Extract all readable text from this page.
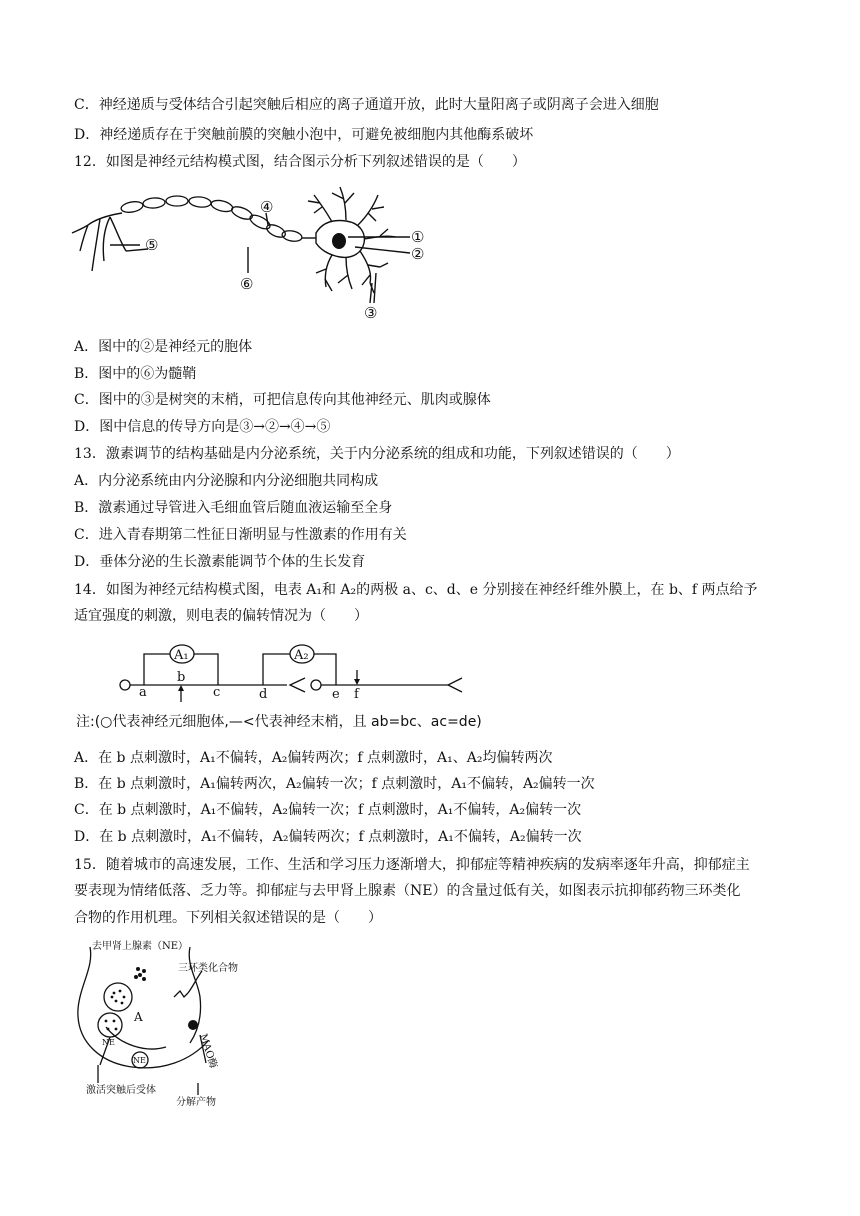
C．神经递质与受体结合引起突触后相应的离子通道开放，此时大量阳离子或阴离子会进入细胞
D．神经递质存在于突触前膜的突触小泡中，可避免被细胞内其他酶系破坏
12．如图是神经元结构模式图，结合图示分析下列叙述错误的是（　　）
④
①
②
⑤
⑥
③
A．图中的②是神经元的胞体
B．图中的⑥为髓鞘
C．图中的③是树突的末梢，可把信息传向其他神经元、肌肉或腺体
D．图中信息的传导方向是③→②→④→⑤
13．激素调节的结构基础是内分泌系统，关于内分泌系统的组成和功能，下列叙述错误的（　　）
A．内分泌系统由内分泌腺和内分泌细胞共同构成
B．激素通过导管进入毛细血管后随血液运输至全身
C．进入青春期第二性征日渐明显与性激素的作用有关
D．垂体分泌的生长激素能调节个体的生长发育
14．如图为神经元结构模式图，电表 A₁和 A₂的两极 a、c、d、e 分别接在神经纤维外膜上，在 b、f 两点给予
适宜强度的刺激，则电表的偏转情况为（　　）
A₁	A₂
a
b
c	d	e f
注:(○代表神经元细胞体,—<代表神经末梢，且 ab=bc、ac=de)
A．在 b 点刺激时，A₁不偏转，A₂偏转两次；f 点刺激时，A₁、A₂均偏转两次
B．在 b 点刺激时，A₁偏转两次，A₂偏转一次；f 点刺激时，A₁不偏转，A₂偏转一次
C．在 b 点刺激时，A₁不偏转，A₂偏转一次；f 点刺激时，A₁不偏转，A₂偏转一次
D．在 b 点刺激时，A₁不偏转，A₂偏转两次；f 点刺激时，A₁不偏转，A₂偏转一次
15．随着城市的高速发展，工作、生活和学习压力逐渐增大，抑郁症等精神疾病的发病率逐年升高，抑郁症主
要表现为情绪低落、乏力等。抑郁症与去甲肾上腺素（NE）的含量过低有关，如图表示抗抑郁药物三环类化
合物的作用机理。下列相关叙述错误的是（　　）
去甲肾上腺素（NE）
三环类化合物
A
NE
NE	MAO酶
激活突触后受体
分解产物
